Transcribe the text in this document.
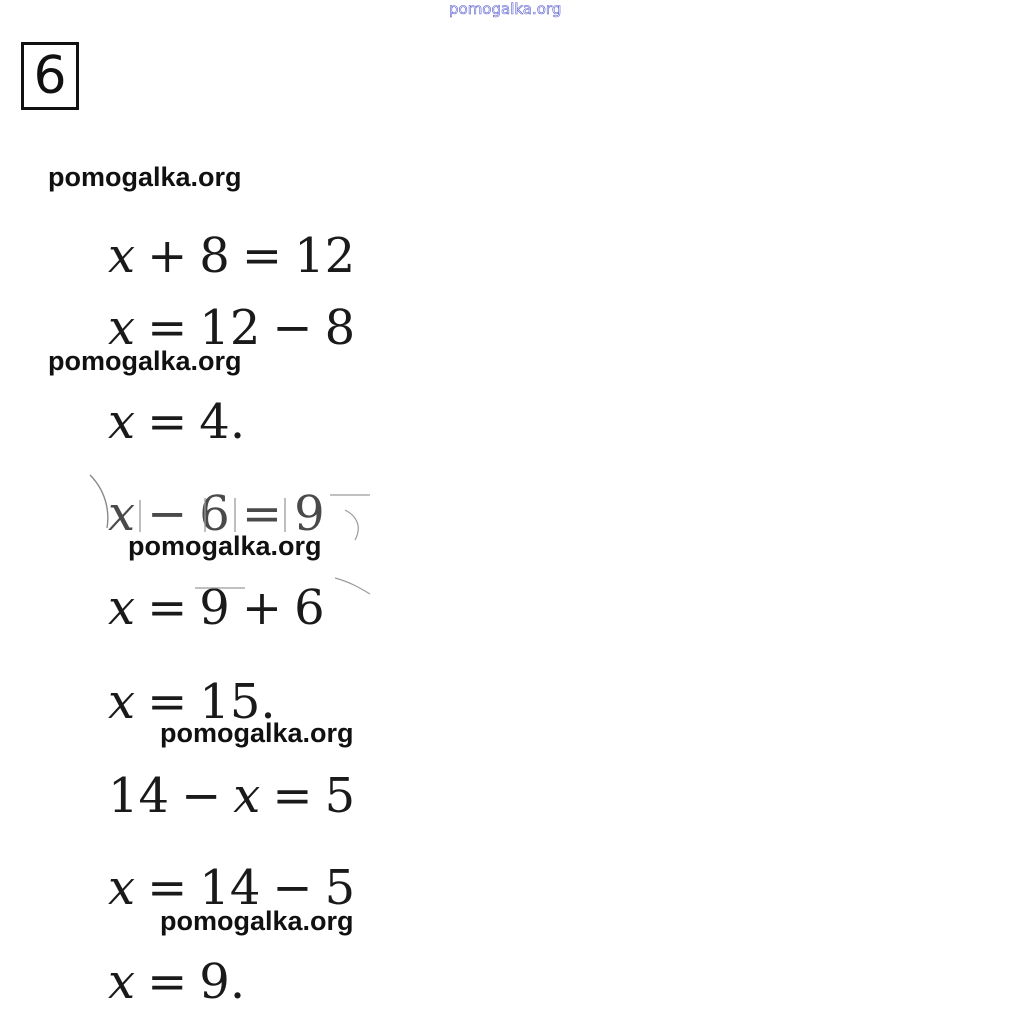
pomogalka.org
6
pomogalka.org
pomogalka.org
pomogalka.org
pomogalka.org
pomogalka.org
x + 8 = 12
x = 12 − 8
x = 4.
x − 6 = 9
x = 9 + 6
x = 15.
14 − x = 5
x = 14 − 5
x = 9.
